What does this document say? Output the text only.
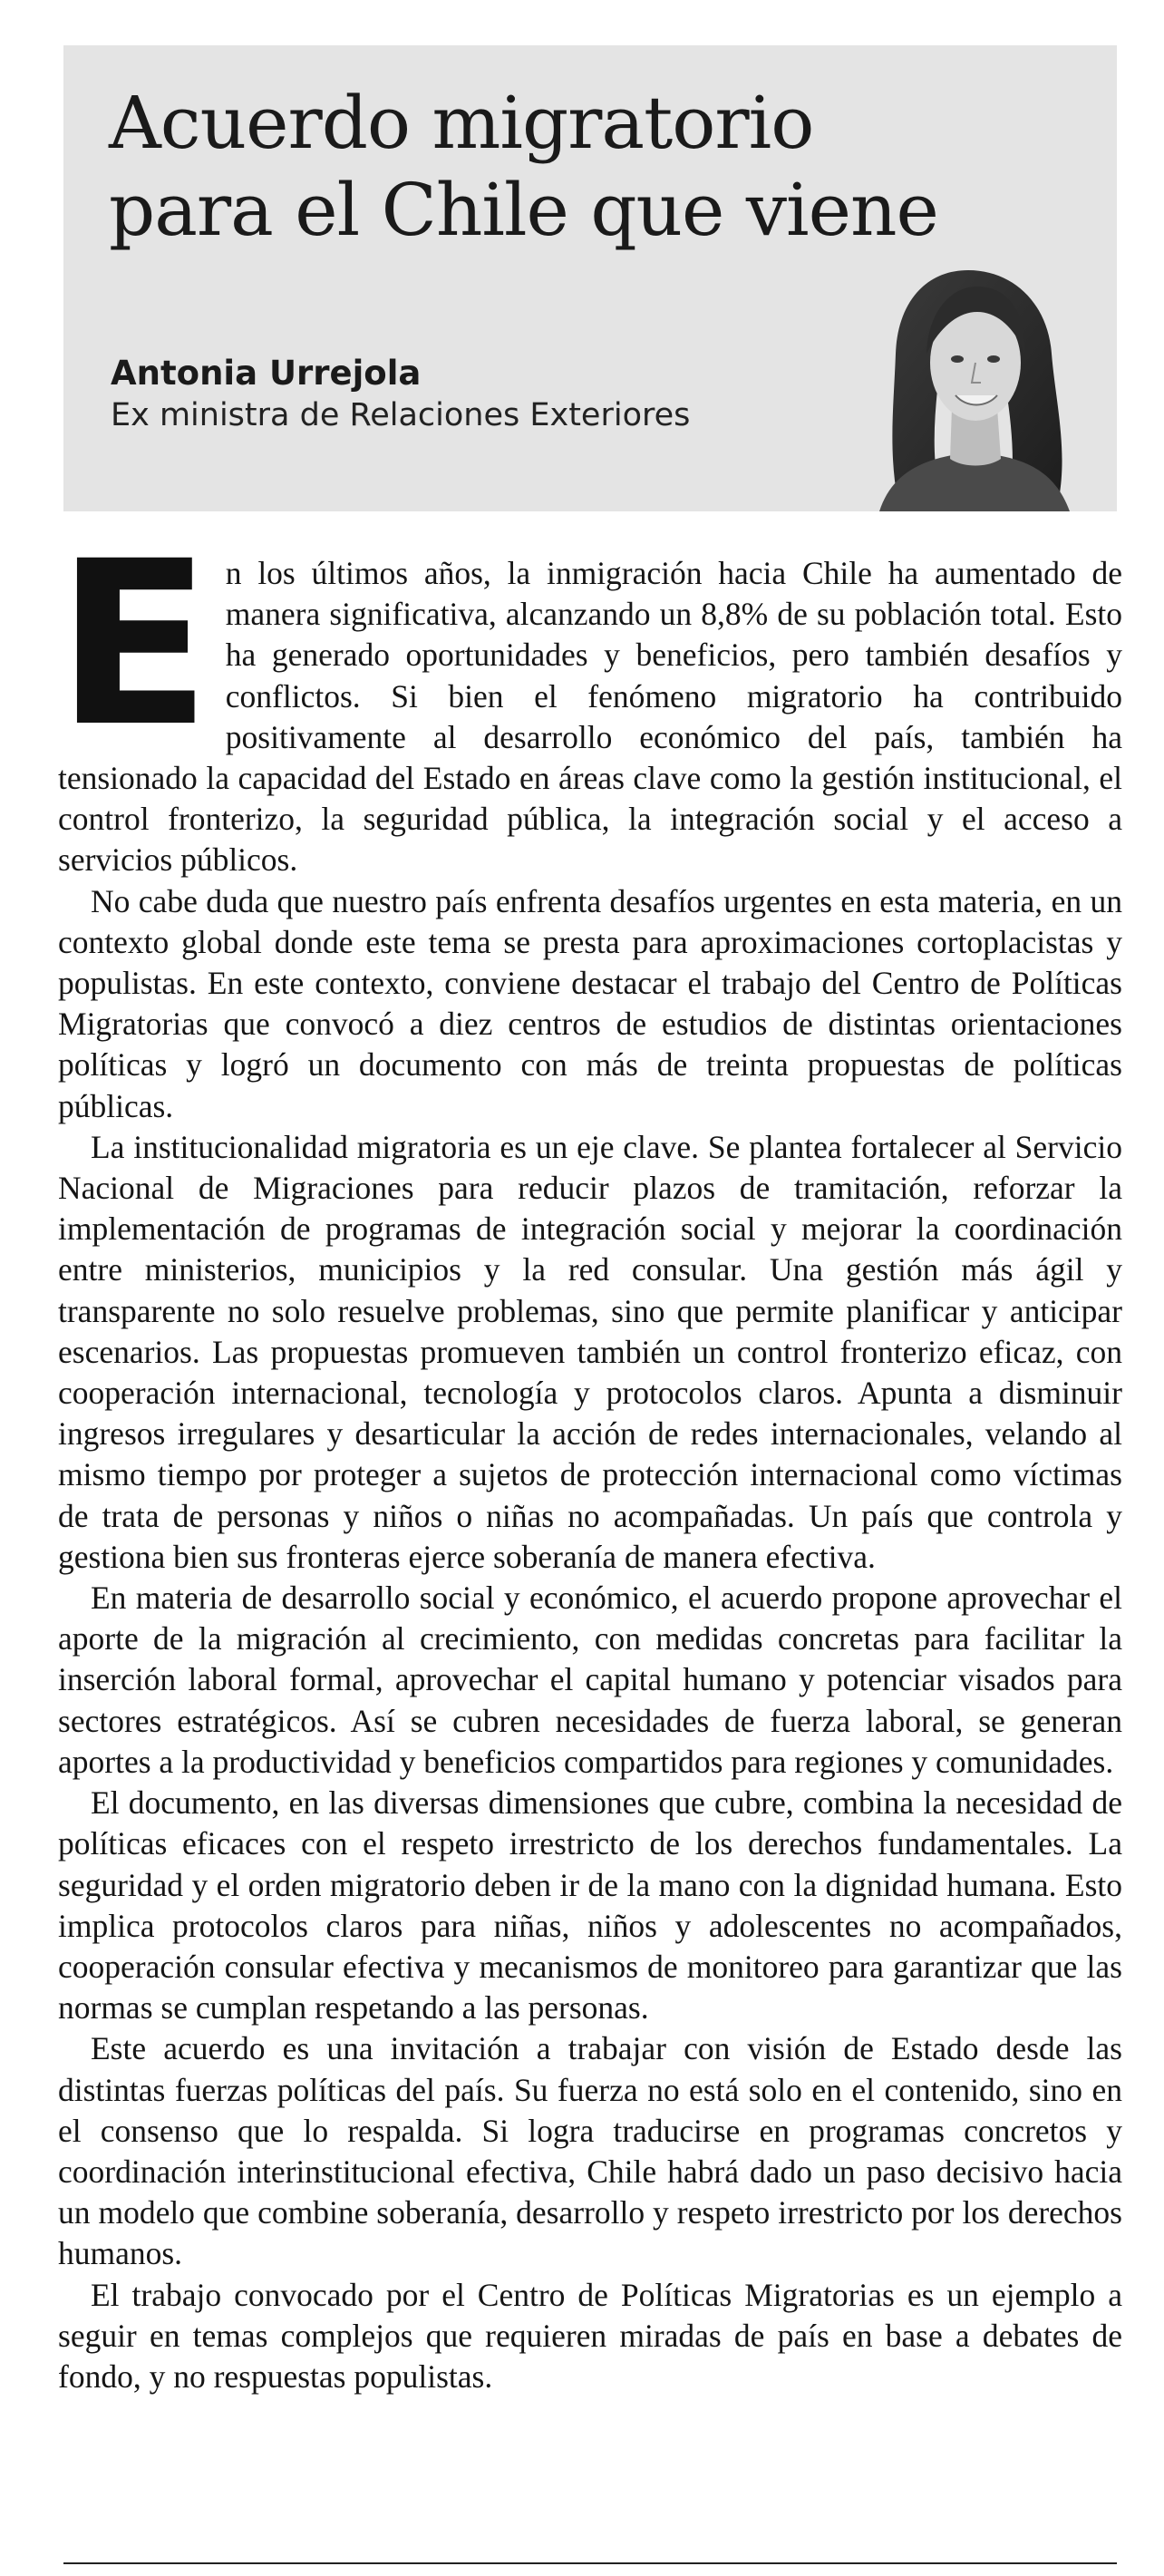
Acuerdo migratorio
para el Chile que viene
Antonia Urrejola
Ex ministra de Relaciones Exteriores

En los últimos años, la inmigración hacia Chile ha aumentado de manera significativa, alcanzando un 8,8% de su población total. Esto ha generado oportunidades y beneficios, pero también desafíos y conflictos. Si bien el fenómeno migratorio ha contribuido positivamente al desarrollo económico del país, también ha tensionado la capacidad del Estado en áreas clave como la gestión institucional, el control fronterizo, la seguridad pública, la integración social y el acceso a servicios públicos.

No cabe duda que nuestro país enfrenta desafíos urgentes en esta materia, en un contexto global donde este tema se presta para aproximaciones cortoplacistas y populistas. En este contexto, conviene destacar el trabajo del Centro de Políticas Migratorias que convocó a diez centros de estudios de distintas orientaciones políticas y logró un documento con más de treinta propuestas de políticas públicas.

La institucionalidad migratoria es un eje clave. Se plantea fortalecer al Servicio Nacional de Migraciones para reducir plazos de tramitación, reforzar la implementación de programas de integración social y mejorar la coordinación entre ministerios, municipios y la red consular. Una gestión más ágil y transparente no solo resuelve problemas, sino que permite planificar y anticipar escenarios. Las propuestas promueven también un control fronterizo eficaz, con cooperación internacional, tecnología y protocolos claros. Apunta a disminuir ingresos irregulares y desarticular la acción de redes internacionales, velando al mismo tiempo por proteger a sujetos de protección internacional como víctimas de trata de personas y niños o niñas no acompañadas. Un país que controla y gestiona bien sus fronteras ejerce soberanía de manera efectiva.

En materia de desarrollo social y económico, el acuerdo propone aprovechar el aporte de la migración al crecimiento, con medidas concretas para facilitar la inserción laboral formal, aprovechar el capital humano y potenciar visados para sectores estratégicos. Así se cubren necesidades de fuerza laboral, se generan aportes a la productividad y beneficios compartidos para regiones y comunidades.

El documento, en las diversas dimensiones que cubre, combina la necesidad de políticas eficaces con el respeto irrestricto de los derechos fundamentales. La seguridad y el orden migratorio deben ir de la mano con la dignidad humana. Esto implica protocolos claros para niñas, niños y adolescentes no acompañados, cooperación consular efectiva y mecanismos de monitoreo para garantizar que las normas se cumplan respetando a las personas.

Este acuerdo es una invitación a trabajar con visión de Estado desde las distintas fuerzas políticas del país. Su fuerza no está solo en el contenido, sino en el consenso que lo respalda. Si logra traducirse en programas concretos y coordinación interinstitucional efectiva, Chile habrá dado un paso decisivo hacia un modelo que combine soberanía, desarrollo y respeto irrestricto por los derechos humanos.

El trabajo convocado por el Centro de Políticas Migratorias es un ejemplo a seguir en temas complejos que requieren miradas de país en base a debates de fondo, y no respuestas populistas.
